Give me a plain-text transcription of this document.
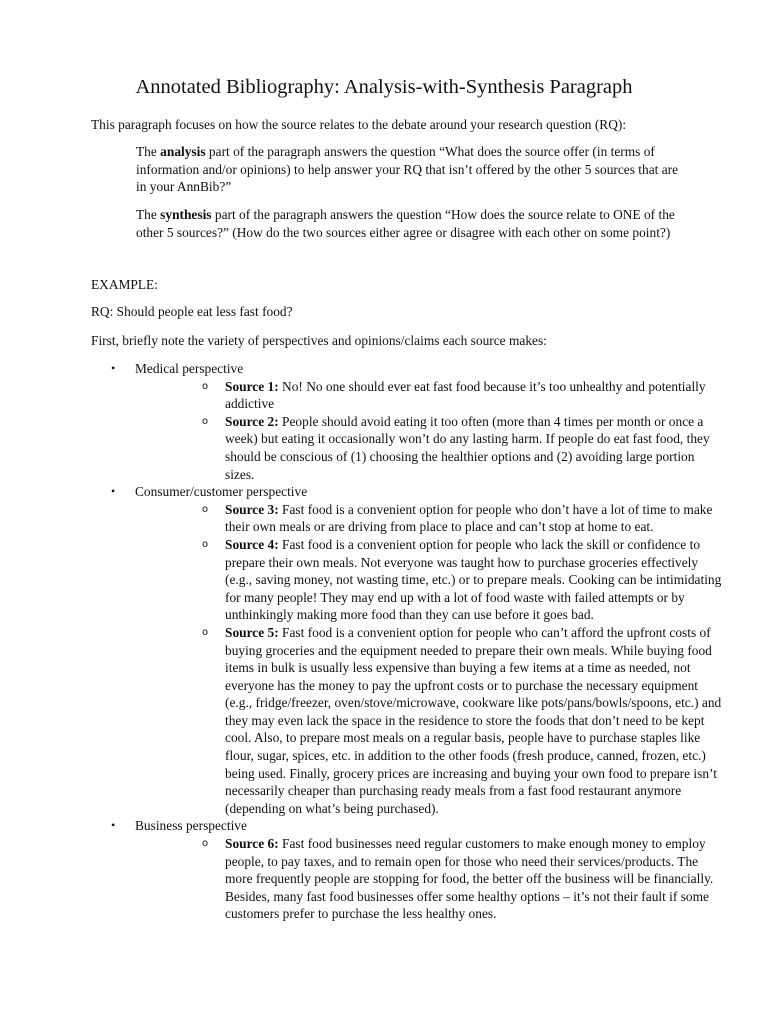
Annotated Bibliography: Analysis-with-Synthesis Paragraph

This paragraph focuses on how the source relates to the debate around your research question (RQ):

The analysis part of the paragraph answers the question “What does the source offer (in terms of information and/or opinions) to help answer your RQ that isn’t offered by the other 5 sources that are in your AnnBib?”

The synthesis part of the paragraph answers the question “How does the source relate to ONE of the other 5 sources?” (How do the two sources either agree or disagree with each other on some point?)

EXAMPLE:

RQ: Should people eat less fast food?

First, briefly note the variety of perspectives and opinions/claims each source makes:

• Medical perspective
o Source 1: No! No one should ever eat fast food because it’s too unhealthy and potentially addictive
o Source 2: People should avoid eating it too often (more than 4 times per month or once a week) but eating it occasionally won’t do any lasting harm. If people do eat fast food, they should be conscious of (1) choosing the healthier options and (2) avoiding large portion sizes.
• Consumer/customer perspective
o Source 3: Fast food is a convenient option for people who don’t have a lot of time to make their own meals or are driving from place to place and can’t stop at home to eat.
o Source 4: Fast food is a convenient option for people who lack the skill or confidence to prepare their own meals. Not everyone was taught how to purchase groceries effectively (e.g., saving money, not wasting time, etc.) or to prepare meals. Cooking can be intimidating for many people! They may end up with a lot of food waste with failed attempts or by unthinkingly making more food than they can use before it goes bad.
o Source 5: Fast food is a convenient option for people who can’t afford the upfront costs of buying groceries and the equipment needed to prepare their own meals. While buying food items in bulk is usually less expensive than buying a few items at a time as needed, not everyone has the money to pay the upfront costs or to purchase the necessary equipment (e.g., fridge/freezer, oven/stove/microwave, cookware like pots/pans/bowls/spoons, etc.) and they may even lack the space in the residence to store the foods that don’t need to be kept cool. Also, to prepare most meals on a regular basis, people have to purchase staples like flour, sugar, spices, etc. in addition to the other foods (fresh produce, canned, frozen, etc.) being used. Finally, grocery prices are increasing and buying your own food to prepare isn’t necessarily cheaper than purchasing ready meals from a fast food restaurant anymore (depending on what’s being purchased).
• Business perspective
o Source 6: Fast food businesses need regular customers to make enough money to employ people, to pay taxes, and to remain open for those who need their services/products. The more frequently people are stopping for food, the better off the business will be financially. Besides, many fast food businesses offer some healthy options – it’s not their fault if some customers prefer to purchase the less healthy ones.
